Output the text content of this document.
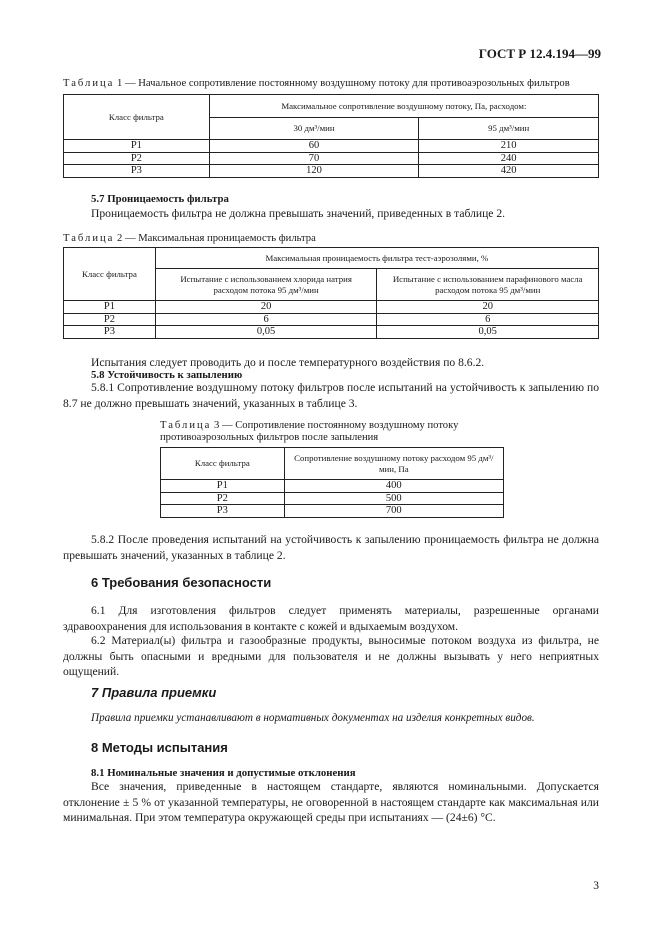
ГОСТ Р 12.4.194—99
Таблица 1 — Начальное сопротивление постоянному воздушному потоку для противоаэрозольных фильтров
Класс фильтра	Максимальное сопротивление воздушному потоку, Па, расходом:	
	30 дм³/мин	95 дм³/мин
P1	60	210
P2	70	240
P3	120	420
5.7 Проницаемость фильтра
Проницаемость фильтра не должна превышать значений, приведенных в таблице 2.
Таблица 2 — Максимальная проницаемость фильтра
Класс фильтра	Максимальная проницаемость фильтра тест-аэрозолями, %	
	Испытание с использованием хлорида натрия расходом потока 95 дм³/мин	Испытание с использованием парафинового масла расходом потока 95 дм³/мин
P1	20	20
P2	6	6
P3	0,05	0,05
Испытания следует проводить до и после температурного воздействия по 8.6.2.
5.8 Устойчивость к запылению
5.8.1 Сопротивление воздушному потоку фильтров после испытаний на устойчивость к запылению по 8.7 не должно превышать значений, указанных в таблице 3.
Таблица 3 — Сопротивление постоянному воздушному потоку
противоаэрозольных фильтров после запыления
Класс фильтра	Сопротивление воздушному потоку расходом 95 дм³/мин, Па
P1	400
P2	500
P3	700
5.8.2 После проведения испытаний на устойчивость к запылению проницаемость фильтра не должна превышать значений, указанных в таблице 2.
6 Требования безопасности
6.1 Для изготовления фильтров следует применять материалы, разрешенные органами здравоохранения для использования в контакте с кожей и вдыхаемым воздухом.
6.2 Материал(ы) фильтра и газообразные продукты, выносимые потоком воздуха из фильтра, не должны быть опасными и вредными для пользователя и не должны вызывать у него неприятных ощущений.
7 Правила приемки
Правила приемки устанавливают в нормативных документах на изделия конкретных видов.
8 Методы испытания
8.1 Номинальные значения и допустимые отклонения
Все значения, приведенные в настоящем стандарте, являются номинальными. Допускается отклонение ± 5 % от указанной температуры, не оговоренной в настоящем стандарте как максимальная или минимальная. При этом температура окружающей среды при испытаниях — (24±6) °С.
3
